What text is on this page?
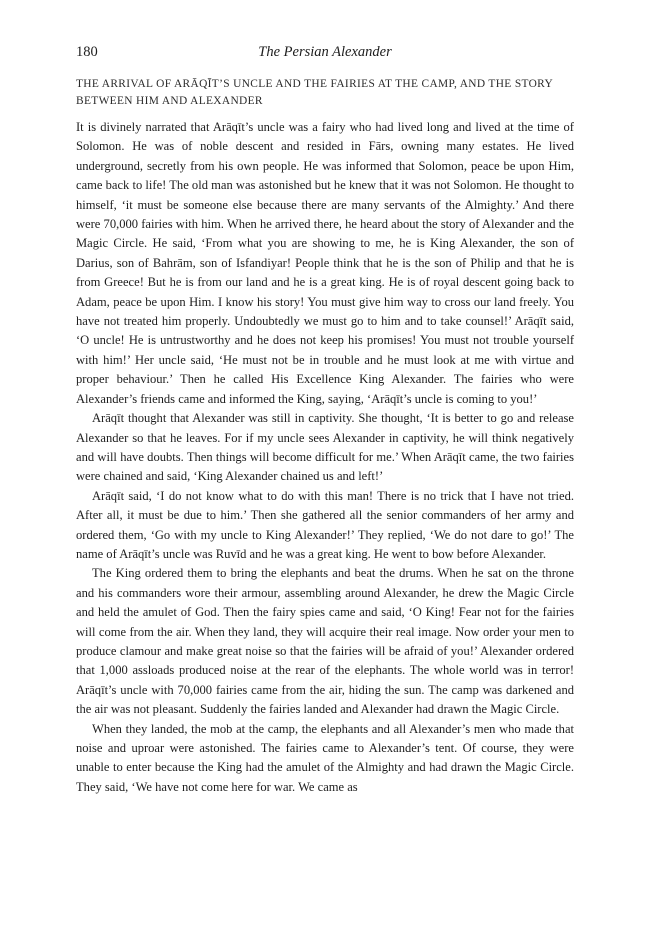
180	The Persian Alexander
THE ARRIVAL OF ARĀQĪT’S UNCLE AND THE FAIRIES AT THE CAMP, AND THE STORY BETWEEN HIM AND ALEXANDER

It is divinely narrated that Arāqīt’s uncle was a fairy who had lived long and lived at the time of Solomon. He was of noble descent and resided in Fārs, owning many estates. He lived underground, secretly from his own people. He was informed that Solomon, peace be upon Him, came back to life! The old man was astonished but he knew that it was not Solomon. He thought to himself, ‘it must be someone else because there are many servants of the Almighty.’ And there were 70,000 fairies with him. When he arrived there, he heard about the story of Alexander and the Magic Circle. He said, ‘From what you are showing to me, he is King Alexander, the son of Darius, son of Bahrām, son of Isfandiyar! People think that he is the son of Philip and that he is from Greece! But he is from our land and he is a great king. He is of royal descent going back to Adam, peace be upon Him. I know his story! You must give him way to cross our land freely. You have not treated him properly. Undoubtedly we must go to him and to take counsel!’ Arāqīt said, ‘O uncle! He is untrustworthy and he does not keep his promises! You must not trouble yourself with him!’ Her uncle said, ‘He must not be in trouble and he must look at me with virtue and proper behaviour.’ Then he called His Excellence King Alexander. The fairies who were Alexander’s friends came and informed the King, saying, ‘Arāqīt’s uncle is coming to you!’

Arāqīt thought that Alexander was still in captivity. She thought, ‘It is better to go and release Alexander so that he leaves. For if my uncle sees Alexander in captivity, he will think negatively and will have doubts. Then things will become difficult for me.’ When Arāqīt came, the two fairies were chained and said, ‘King Alexander chained us and left!’

Arāqīt said, ‘I do not know what to do with this man! There is no trick that I have not tried. After all, it must be due to him.’ Then she gathered all the senior commanders of her army and ordered them, ‘Go with my uncle to King Alexander!’ They replied, ‘We do not dare to go!’ The name of Arāqīt’s uncle was Ruvīd and he was a great king. He went to bow before Alexander.

The King ordered them to bring the elephants and beat the drums. When he sat on the throne and his commanders wore their armour, assembling around Alexander, he drew the Magic Circle and held the amulet of God. Then the fairy spies came and said, ‘O King! Fear not for the fairies will come from the air. When they land, they will acquire their real image. Now order your men to produce clamour and make great noise so that the fairies will be afraid of you!’ Alexander ordered that 1,000 assloads produced noise at the rear of the elephants. The whole world was in terror! Arāqīt’s uncle with 70,000 fairies came from the air, hiding the sun. The camp was darkened and the air was not pleasant. Suddenly the fairies landed and Alexander had drawn the Magic Circle.

When they landed, the mob at the camp, the elephants and all Alexander’s men who made that noise and uproar were astonished. The fairies came to Alexander’s tent. Of course, they were unable to enter because the King had the amulet of the Almighty and had drawn the Magic Circle. They said, ‘We have not come here for war. We came as
